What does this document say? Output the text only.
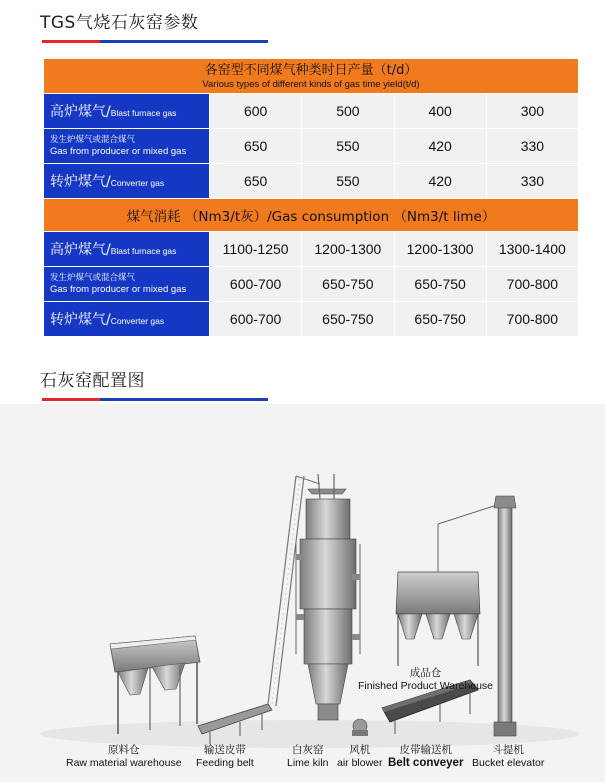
TGS气烧石灰窑参数
各窑型不同煤气种类时日产量（t/d）
Various types of different kinds of gas time yield(t/d)				

高炉煤气/Blast furnace gas	600	500	400	300

发生炉煤气或混合煤气
Gas from producer or mixed gas	650	550	420	330
转炉煤气/Converter gas	650	550	420	330
煤气消耗 （Nm3/t灰）/Gas consumption （Nm3/t lime）				
高炉煤气/Blast furnace gas	1100-1250	1200-1300	1200-1300	1300-1400

发生炉煤气或混合煤气
Gas from producer or mixed gas	600-700	650-750	650-750	700-800
转炉煤气/Converter gas	600-700	650-750	650-750	700-800
石灰窑配置图
成品仓
Finished Product Warehouse
原料仓
Raw material warehouse
输送皮带
Feeding belt
白灰窑
Lime kiln
风机
air blower
皮带输送机
Belt conveyer
斗提机
Bucket elevator
